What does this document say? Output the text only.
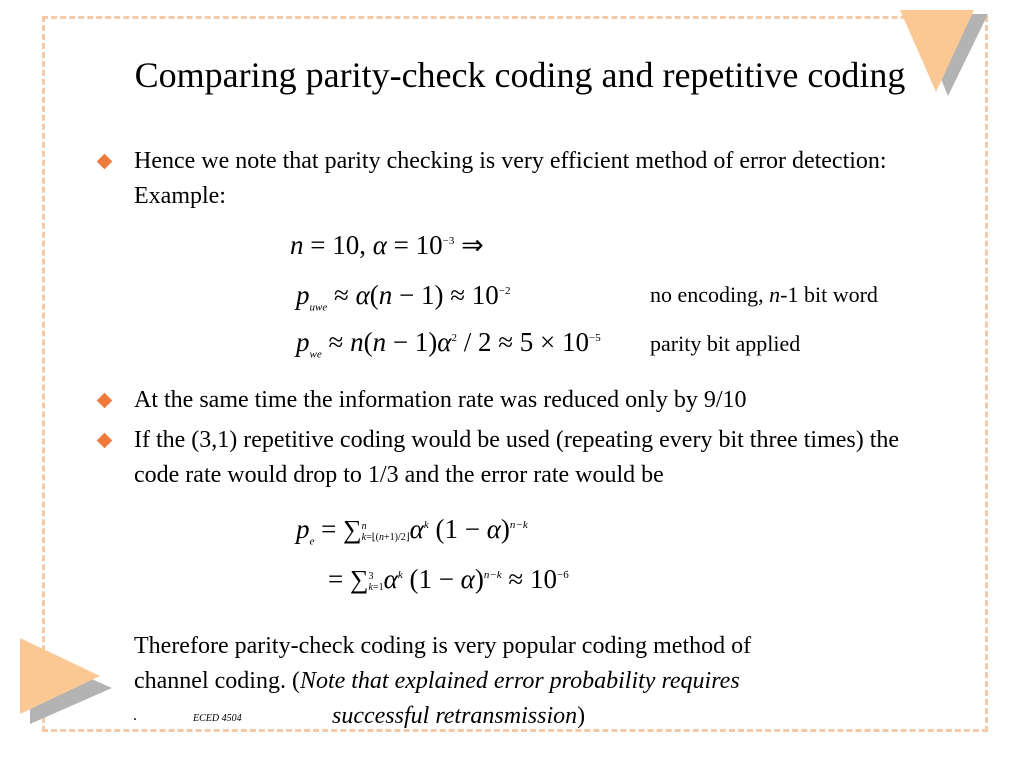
Comparing parity-check coding and repetitive coding
Hence we note that parity checking is very efficient method of error detection: Example:
n = 10, $\alpha = 10^{-3}$ ⇒
$p_{uwe} \approx \alpha(n - 1) \approx 10^{-2}$	no encoding, n-1 bit word
$p_{we} \approx n(n - 1)\alpha^2 / 2 \approx 5 \times 10^{-5}$ parity bit applied
At the same time the information rate was reduced only by 9/10
If the (3,1) repetitive coding would be used (repeating every bit three times) the code rate would drop to 1/3 and the error rate would be
$p_e = \sum n$
$k=⌊(n+1)/2⌋\alpha^k$ $(1 - \alpha)^{n-k}$
= ∑3
$k=1\alpha^k$ $(1 - \alpha)^{n-k} \approx 10^{-6}$
Therefore parity-check coding is very popular coding method of
channel coding. (Note that explained error probability requires
successful retransmission)
.	ECED 4504
